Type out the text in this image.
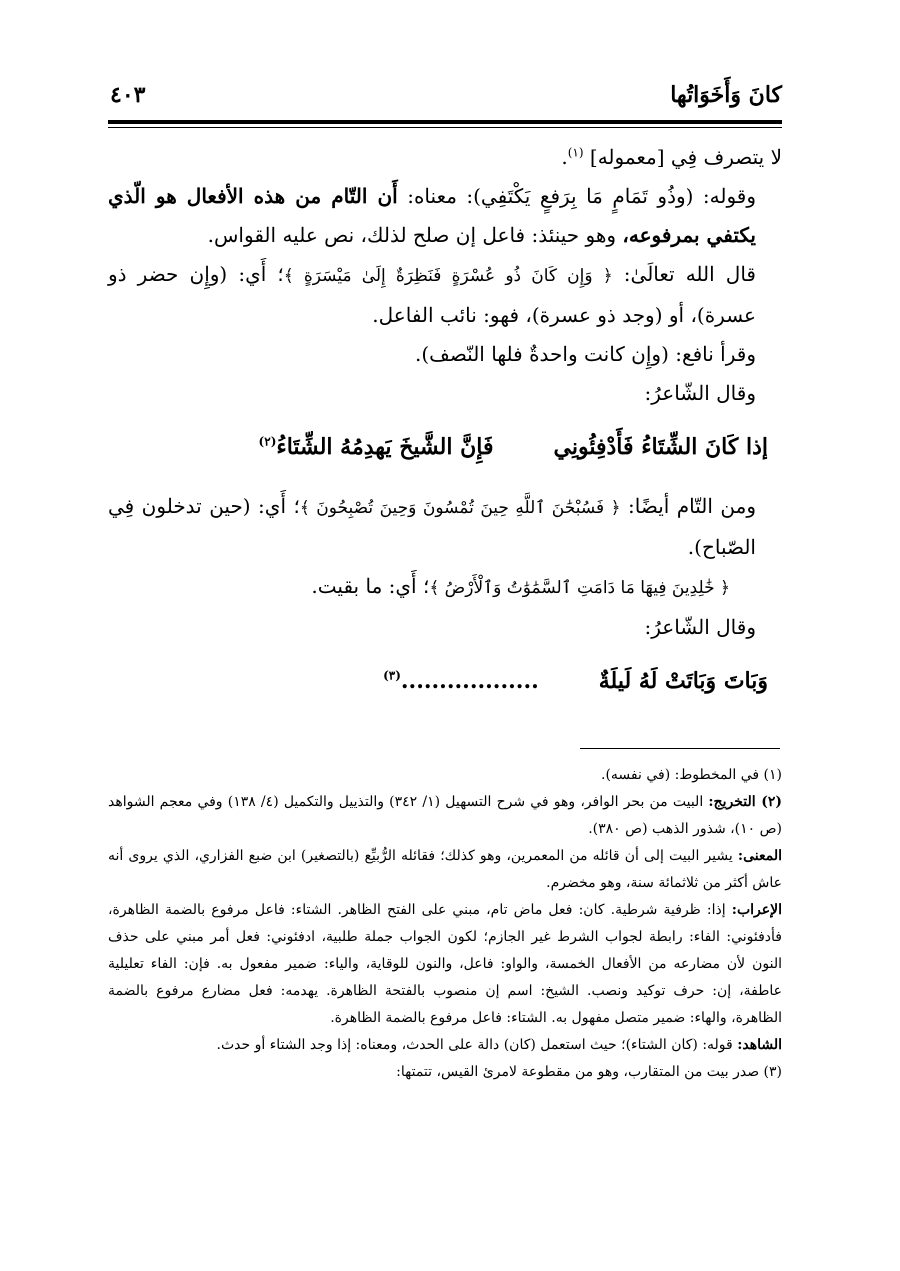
كانَ وَأَخَوَاتُها
٤٠٣

لا يتصرف فِي [معموله] $^{(١)}$.

وقوله: (وذُو تَمَامٍ مَا بِرَفعٍ يَكْتَفِي): معناه: أَن التّام من هذه الأفعال هو الّذي يكتفي بمرفوعه، وهو حينئذ: فاعل إن صلح لذلك، نص عليه القواس.

قال الله تعالَىٰ: ﴿ وَإِن كَانَ ذُو عُسْرَةٍ فَنَظِرَةٌ إِلَىٰ مَيْسَرَةٍ ﴾؛ أَي: (وإِن حضر ذو عسرة)، أو (وجد ذو عسرة)، فهو: نائب الفاعل.

وقرأ نافع: (وإِن كانت واحدةٌ فلها النّصف).

وقال الشّاعرُ:

إذا كَانَ الشِّتَاءُ فَأَدْفِئُونِي
فَإِنَّ الشَّيخَ يَهدِمُهُ الشِّتَاءُ$^{(٢)}$

ومن التّام أيضًا: ﴿ فَسُبْحَٰنَ ٱللَّهِ حِينَ تُمْسُونَ وَحِينَ تُصْبِحُونَ ﴾؛ أَي: (حين تدخلون فِي الصّباح).

﴿ خَٰلِدِينَ فِيهَا مَا دَامَتِ ٱلسَّمَٰوَٰتُ وَٱلْأَرْضُ ﴾؛ أَي: ما بقيت.

وقال الشّاعرُ:

وَبَاتَ وَبَاتَتْ لَهُ لَيلَةٌ
..................$^{(٣)}$

(١) في المخطوط: (في نفسه).

(٢) التخريج: البيت من بحر الوافر، وهو في شرح التسهيل (١/ ٣٤٢) والتذييل والتكميل (٤/ ١٣٨) وفي معجم الشواهد (ص ١٠)، شذور الذهب (ص ٣٨٠).

المعنى: يشير البيت إلى أن قائله من المعمرين، وهو كذلك؛ فقائله الرُّبيِّع (بالتصغير) ابن ضبع الفزاري، الذي يروى أنه عاش أكثر من ثلاثمائة سنة، وهو مخضرم.

الإعراب: إذا: ظرفية شرطية. كان: فعل ماض تام، مبني على الفتح الظاهر. الشتاء: فاعل مرفوع بالضمة الظاهرة، فأدفئوني: الفاء: رابطة لجواب الشرط غير الجازم؛ لكون الجواب جملة طلبية، ادفئوني: فعل أمر مبني على حذف النون لأن مضارعه من الأفعال الخمسة، والواو: فاعل، والنون للوقاية، والياء: ضمير مفعول به. فإن: الفاء تعليلية عاطفة، إن: حرف توكيد ونصب. الشيخ: اسم إن منصوب بالفتحة الظاهرة. يهدمه: فعل مضارع مرفوع بالضمة الظاهرة، والهاء: ضمير متصل مفهول به. الشتاء: فاعل مرفوع بالضمة الظاهرة.

الشاهد: قوله: (كان الشتاء)؛ حيث استعمل (كان) دالة على الحدث، ومعناه: إذا وجد الشتاء أو حدث.

(٣) صدر بيت من المتقارب، وهو من مقطوعة لامرئ القيس، تتمتها:
